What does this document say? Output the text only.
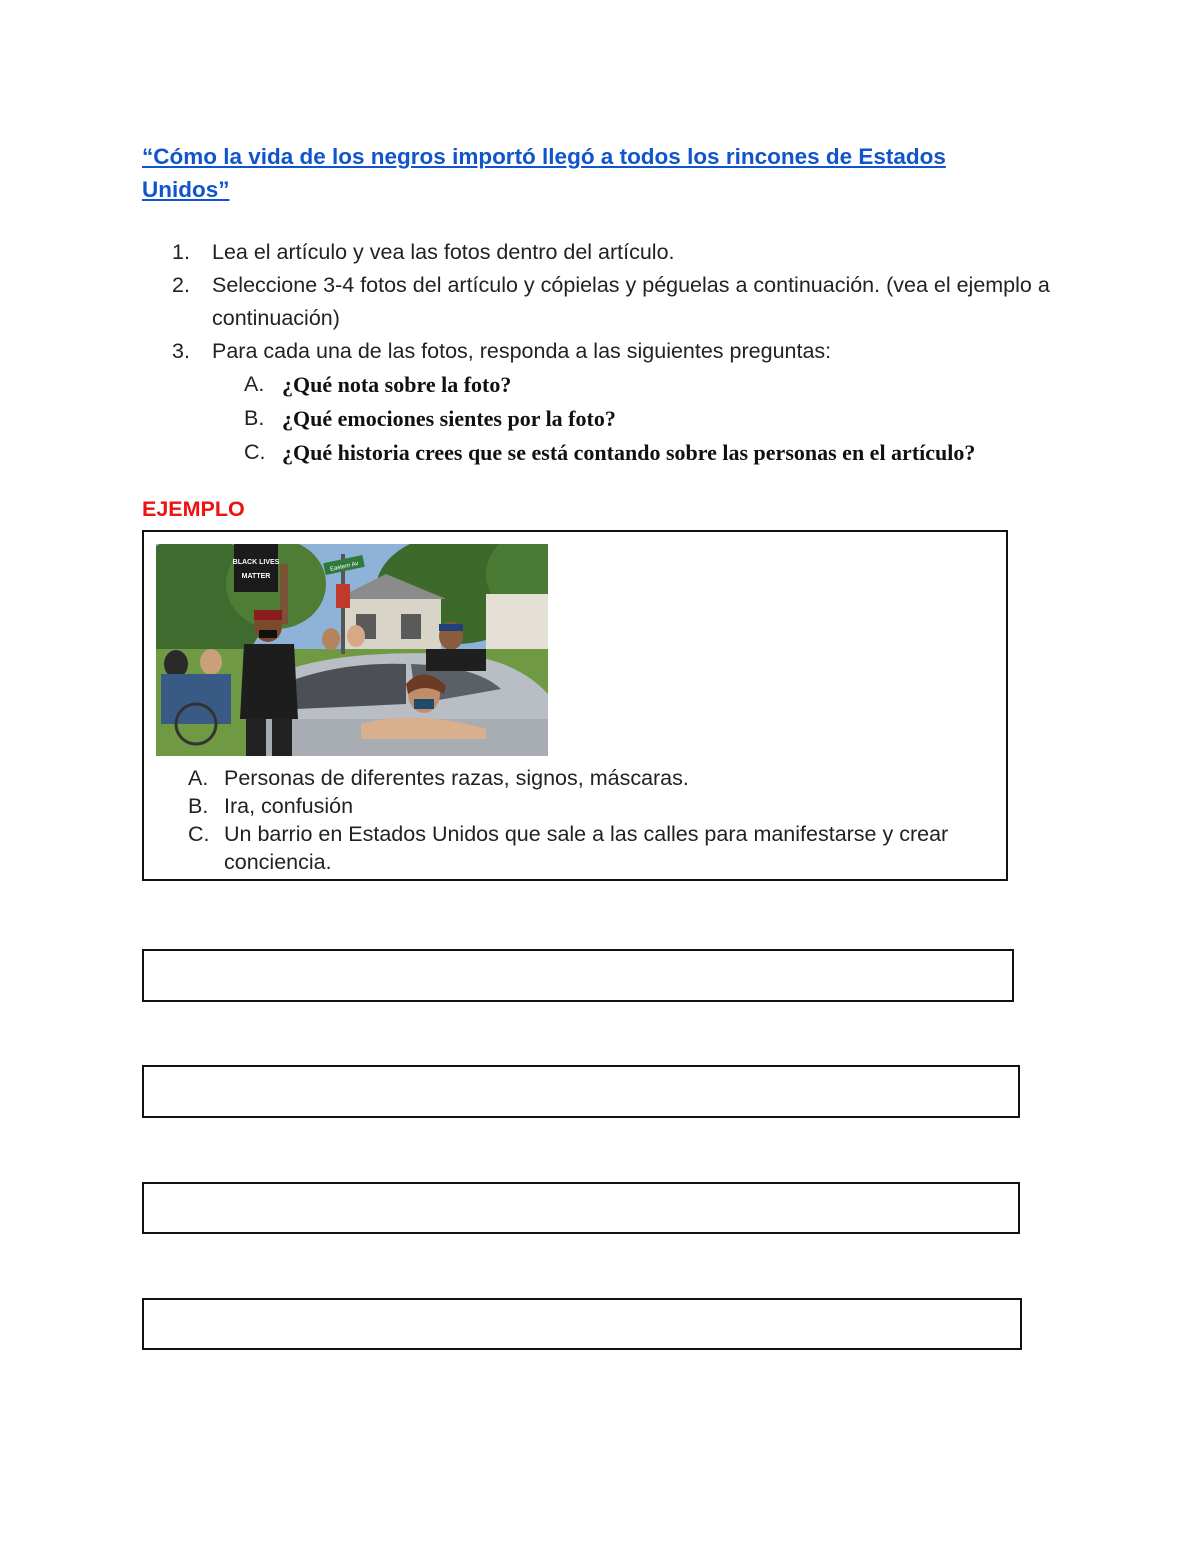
“Cómo la vida de los negros importó llegó a todos los rincones de Estados Unidos”
1. Lea el artículo y vea las fotos dentro del artículo.
2. Seleccione 3-4 fotos del artículo y cópielas y péguelas a continuación. (vea el ejemplo a continuación)
3. Para cada una de las fotos, responda a las siguientes preguntas:
A. ¿Qué nota sobre la foto?
B. ¿Qué emociones sientes por la foto?
C. ¿Qué historia crees que se está contando sobre las personas en el artículo?
EJEMPLO
BLACK LIVES
MATTER
Eastern Av
A. Personas de diferentes razas, signos, máscaras.
B. Ira, confusión
C. Un barrio en Estados Unidos que sale a las calles para manifestarse y crear conciencia.
